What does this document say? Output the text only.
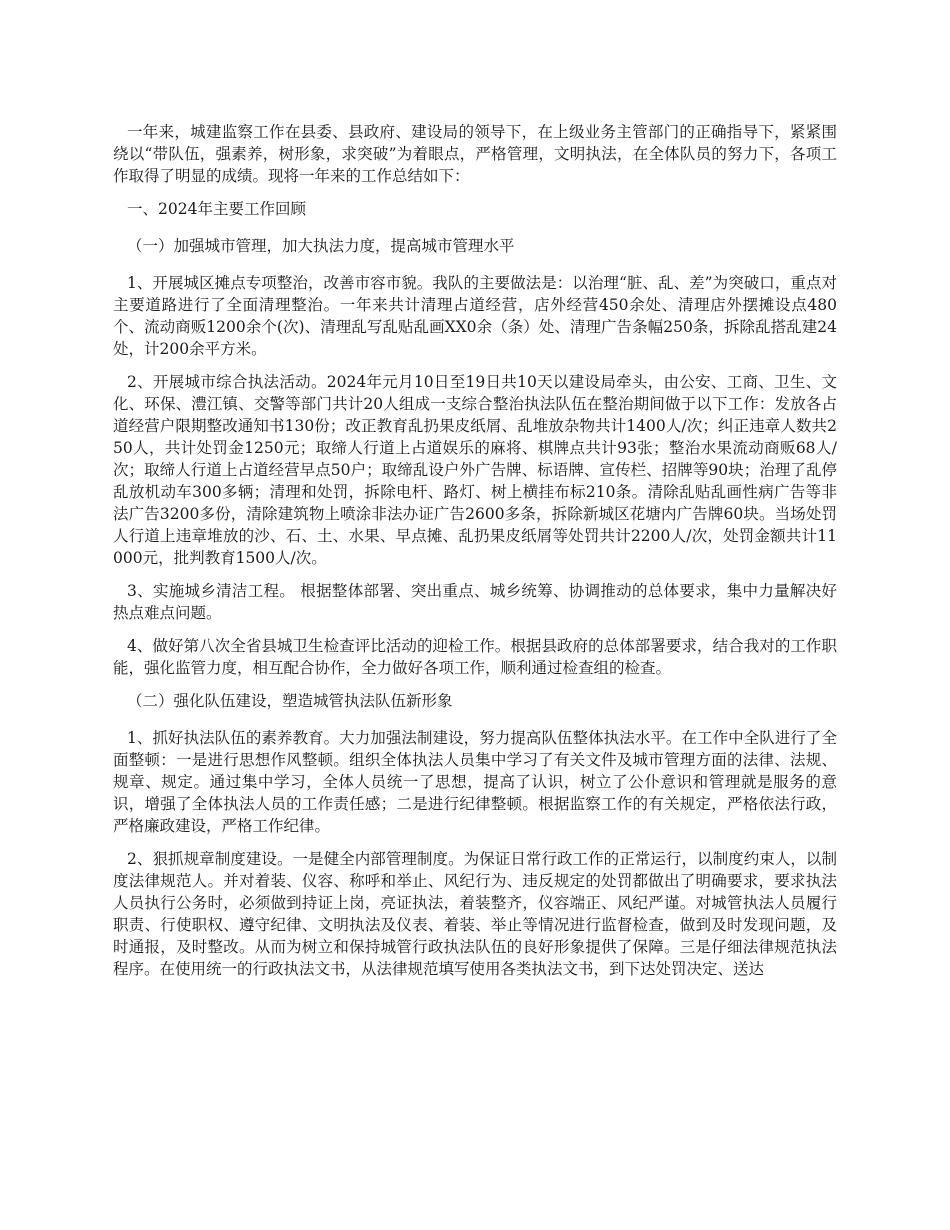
一年来，城建监察工作在县委、县政府、建设局的领导下，在上级业务主管部门的正确指导下，紧紧围绕以“带队伍，强素养，树形象，求突破”为着眼点，严格管理，文明执法，在全体队员的努力下，各项工作取得了明显的成绩。现将一年来的工作总结如下：

一、2024年主要工作回顾

（一）加强城市管理，加大执法力度，提高城市管理水平

1、开展城区摊点专项整治，改善市容市貌。我队的主要做法是：以治理“脏、乱、差”为突破口，重点对主要道路进行了全面清理整治。一年来共计清理占道经营，店外经营450余处、清理店外摆摊设点480个、流动商贩1200余个(次)、清理乱写乱贴乱画XX0余（条）处、清理广告条幅250条，拆除乱搭乱建24处，计200余平方米。

2、开展城市综合执法活动。2024年元月10日至19日共10天以建设局牵头，由公安、工商、卫生、文化、环保、澧江镇、交警等部门共计20人组成一支综合整治执法队伍在整治期间做于以下工作：发放各占道经营户限期整改通知书130份；改正教育乱扔果皮纸屑、乱堆放杂物共计1400人/次；纠正违章人数共250人，共计处罚金1250元；取缔人行道上占道娱乐的麻将、棋牌点共计93张；整治水果流动商贩68人/次；取缔人行道上占道经营早点50户；取缔乱设户外广告牌、标语牌、宣传栏、招牌等90块；治理了乱停乱放机动车300多辆；清理和处罚，拆除电杆、路灯、树上横挂布标210条。清除乱贴乱画性病广告等非法广告3200多份，清除建筑物上喷涂非法办证广告2600多条，拆除新城区花塘内广告牌60块。当场处罚人行道上违章堆放的沙、石、土、水果、早点摊、乱扔果皮纸屑等处罚共计2200人/次，处罚金额共计11000元，批判教育1500人/次。

3、实施城乡清洁工程。 根据整体部署、突出重点、城乡统筹、协调推动的总体要求，集中力量解决好热点难点问题。

4、做好第八次全省县城卫生检查评比活动的迎检工作。根据县政府的总体部署要求，结合我对的工作职能，强化监管力度，相互配合协作，全力做好各项工作，顺利通过检查组的检查。

（二）强化队伍建设，塑造城管执法队伍新形象

1、抓好执法队伍的素养教育。大力加强法制建设，努力提高队伍整体执法水平。在工作中全队进行了全面整顿：一是进行思想作风整顿。组织全体执法人员集中学习了有关文件及城市管理方面的法律、法规、规章、规定。通过集中学习，全体人员统一了思想，提高了认识，树立了公仆意识和管理就是服务的意识，增强了全体执法人员的工作责任感；二是进行纪律整顿。根据监察工作的有关规定，严格依法行政，严格廉政建设，严格工作纪律。

2、狠抓规章制度建设。一是健全内部管理制度。为保证日常行政工作的正常运行，以制度约束人，以制度法律规范人。并对着装、仪容、称呼和举止、风纪行为、违反规定的处罚都做出了明确要求，要求执法人员执行公务时，必须做到持证上岗，亮证执法，着装整齐，仪容端正、风纪严谨。对城管执法人员履行职责、行使职权、遵守纪律、文明执法及仪表、着装、举止等情况进行监督检查，做到及时发现问题，及时通报，及时整改。从而为树立和保持城管行政执法队伍的良好形象提供了保障。三是仔细法律规范执法程序。在使用统一的行政执法文书，从法律规范填写使用各类执法文书，到下达处罚决定、送达
